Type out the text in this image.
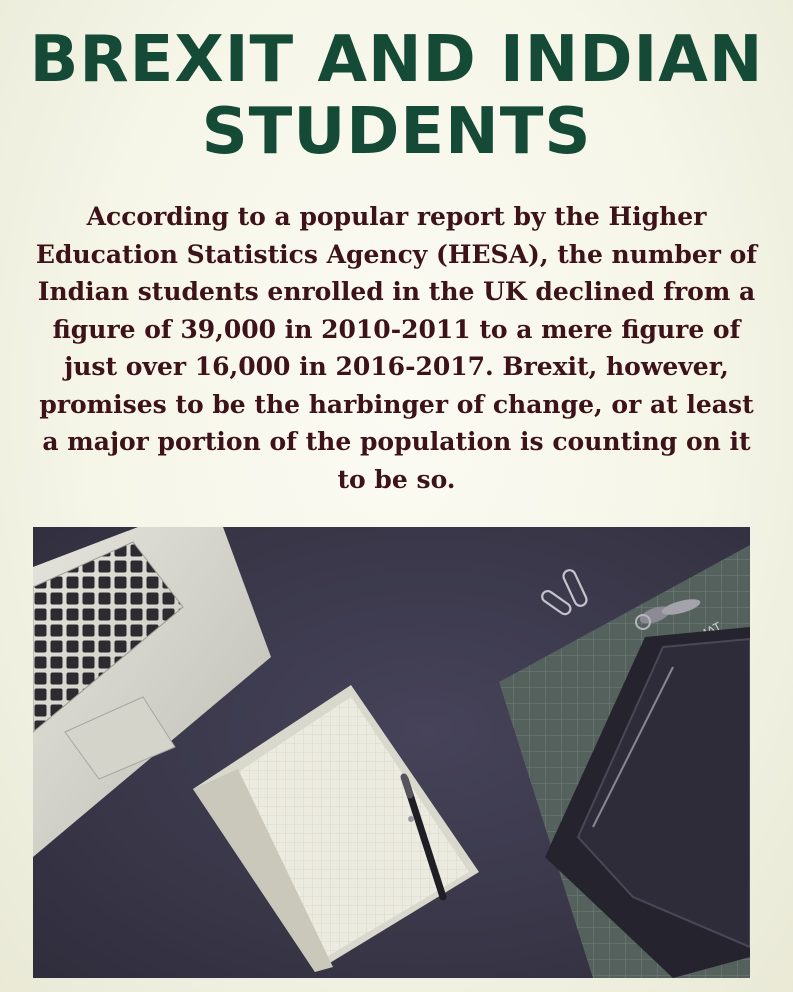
BREXIT AND INDIAN
STUDENTS

According to a popular report by the Higher Education Statistics Agency (HESA), the number of Indian students enrolled in the UK declined from a figure of 39,000 in 2010-2011 to a mere figure of just over 16,000 in 2016-2017. Brexit, however, promises to be the harbinger of change, or at least a major portion of the population is counting on it to be so.
